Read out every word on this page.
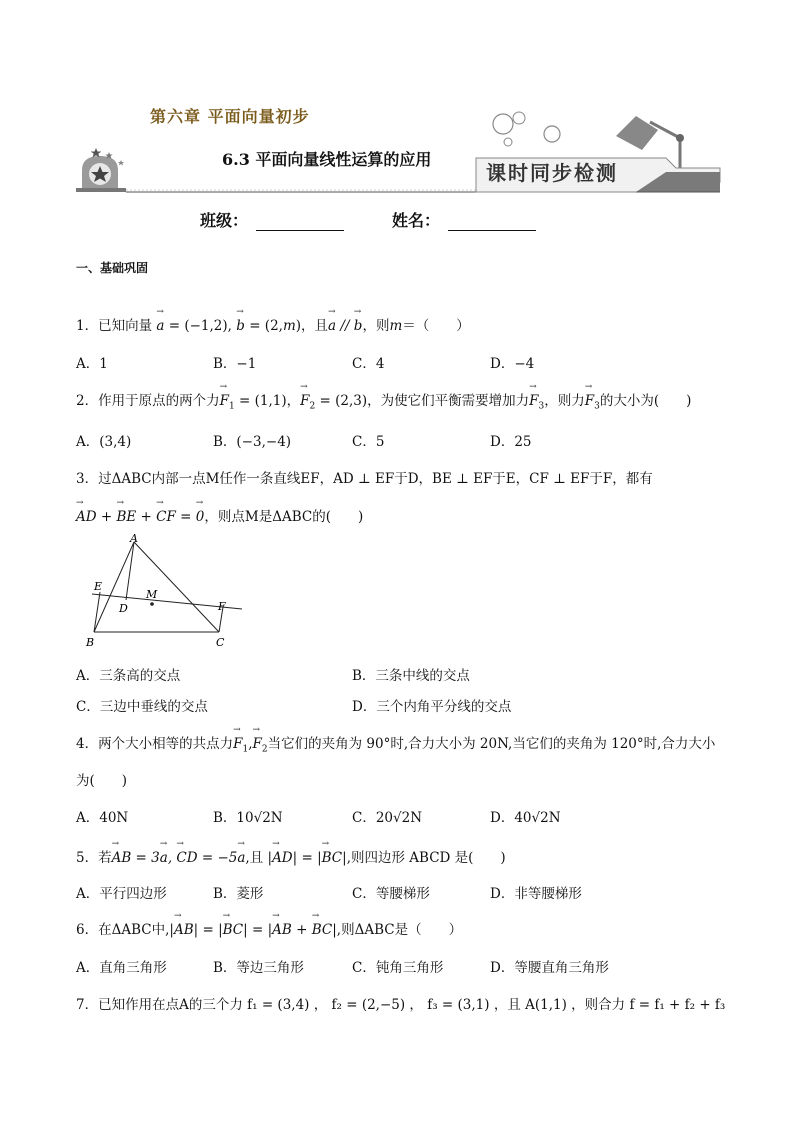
第六章 平面向量初步
6.3 平面向量线性运算的应用
课时同步检测
班级：	姓名：
一、基础巩固
1．已知向量 → a = (−1,2), → b = (2,m)，且→ a // → b，则m＝（　　）
A．1	B．−1	C．4	D．−4
2．作用于原点的两个力→ $F_1 = (1,1)$，→ $F_2 = (2,3)$，为使它们平衡需要增加力→ $F_3$，则力→ $F_3$的大小为(　　)
A．(3,4)	B．(−3,−4)	C．5	D．25
3．过ΔABC内部一点M任作一条直线EF，AD ⊥ EF于D，BE ⊥ EF于E，CF ⊥ EF于F，都有
→ AD + → BE + → CF = → 0，则点M是ΔABC的(　　)
A
E
D
M
F
B	C
A．三条高的交点	B．三条中线的交点
C．三边中垂线的交点	D．三个内角平分线的交点
4．两个大小相等的共点力→ $F_1,\to F_2$当它们的夹角为 90°时,合力大小为 20N,当它们的夹角为 120°时,合力大小
为(　　)
A．40N	B．10√2N	C．20√2N	D．40√2N
5．若→ AB = 3→ a, → CD = −5→ a,且 |→ AD| = |→ BC|,则四边形 ABCD 是(　　)
A．平行四边形	B．菱形	C．等腰梯形	D．非等腰梯形
6．在ΔABC中,|→ AB| = |→ BC| = |→ AB + → BC|,则ΔABC是（　　）
A．直角三角形	B．等边三角形	C．钝角三角形	D．等腰直角三角形
7．已知作用在点A的三个力 f₁ = (3,4) ， f₂ = (2,−5) ， f₃ = (3,1) ，且 A(1,1) ，则合力 f = f₁ + f₂ + f₃
